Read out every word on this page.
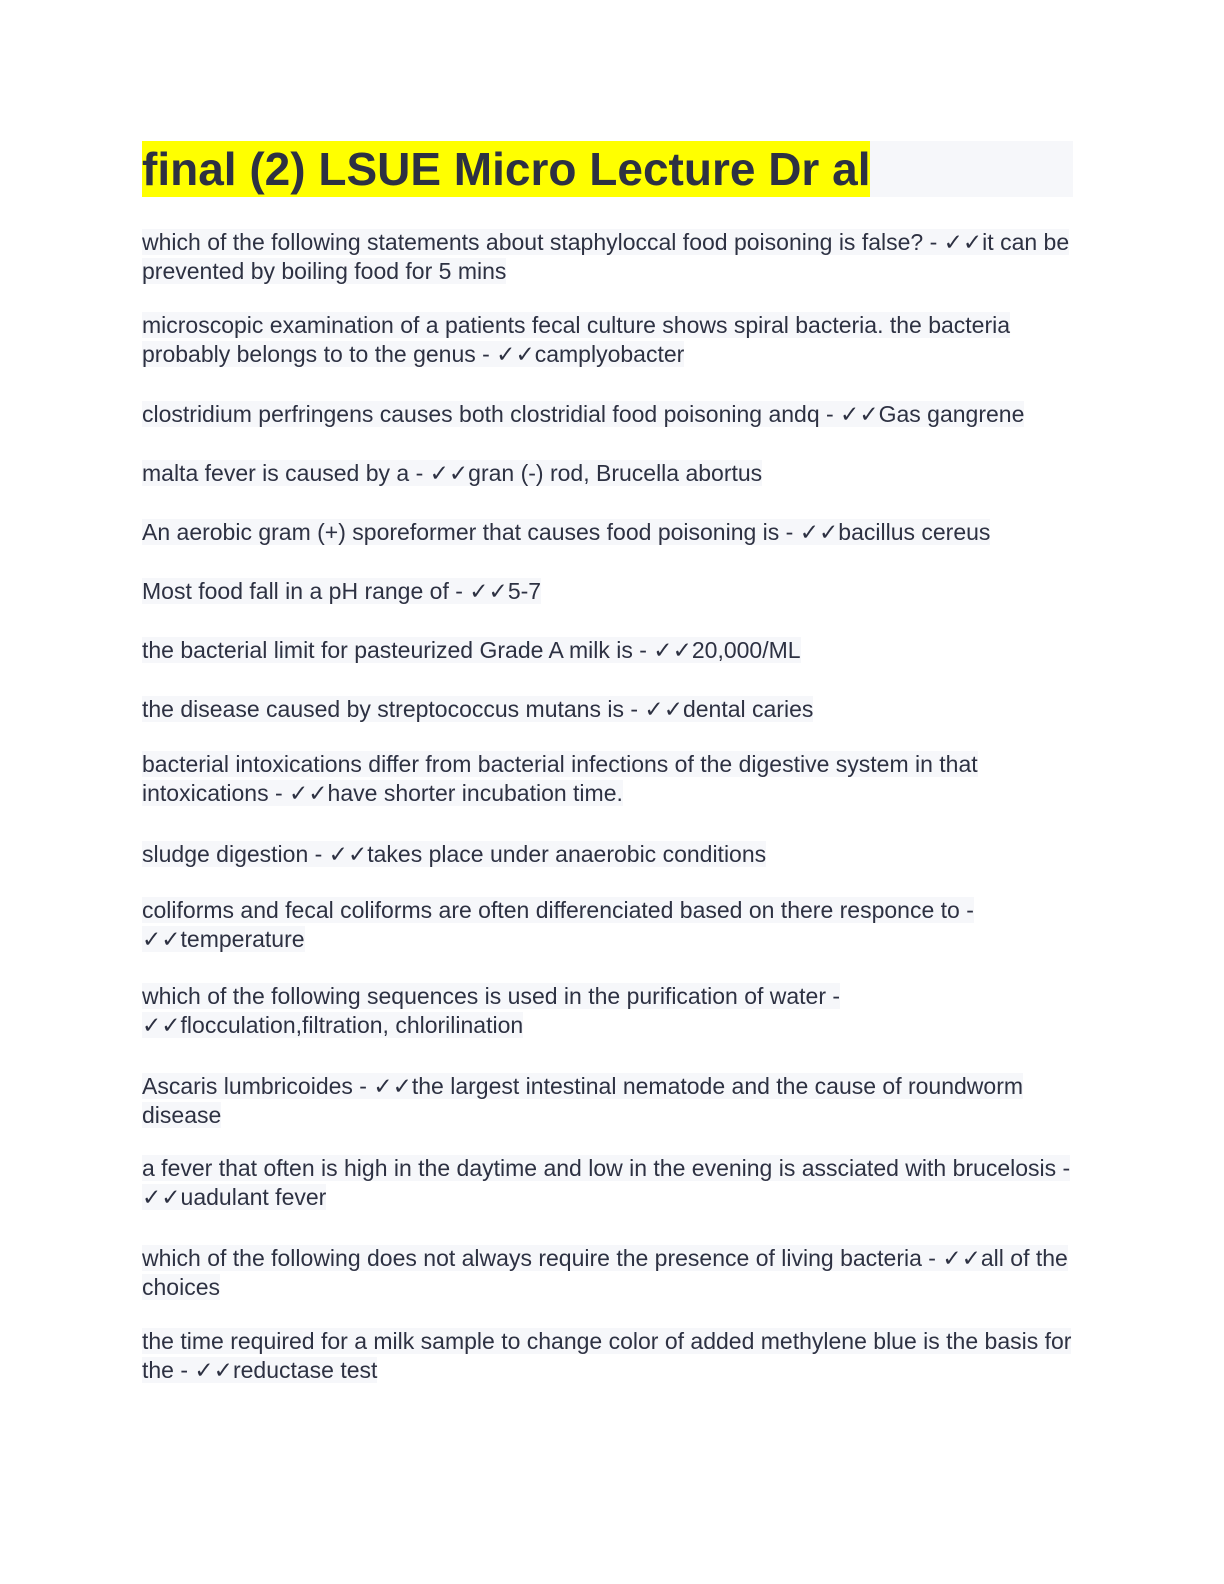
final (2) LSUE Micro Lecture Dr al

which of the following statements about staphyloccal food poisoning is false? - ✓✓it can be prevented by boiling food for 5 mins

microscopic examination of a patients fecal culture shows spiral bacteria. the bacteria probably belongs to to the genus - ✓✓camplyobacter

clostridium perfringens causes both clostridial food poisoning andq - ✓✓Gas gangrene

malta fever is caused by a - ✓✓gran (-) rod, Brucella abortus

An aerobic gram (+) sporeformer that causes food poisoning is - ✓✓bacillus cereus

Most food fall in a pH range of - ✓✓5-7

the bacterial limit for pasteurized Grade A milk is - ✓✓20,000/ML

the disease caused by streptococcus mutans is - ✓✓dental caries

bacterial intoxications differ from bacterial infections of the digestive system in that intoxications - ✓✓have shorter incubation time.

sludge digestion - ✓✓takes place under anaerobic conditions

coliforms and fecal coliforms are often differenciated based on there responce to - ✓✓temperature

which of the following sequences is used in the purification of water - ✓✓flocculation,filtration, chlorilination

Ascaris lumbricoides - ✓✓the largest intestinal nematode and the cause of roundworm disease

a fever that often is high in the daytime and low in the evening is assciated with brucelosis - ✓✓uadulant fever

which of the following does not always require the presence of living bacteria - ✓✓all of the choices

the time required for a milk sample to change color of added methylene blue is the basis for the - ✓✓reductase test
